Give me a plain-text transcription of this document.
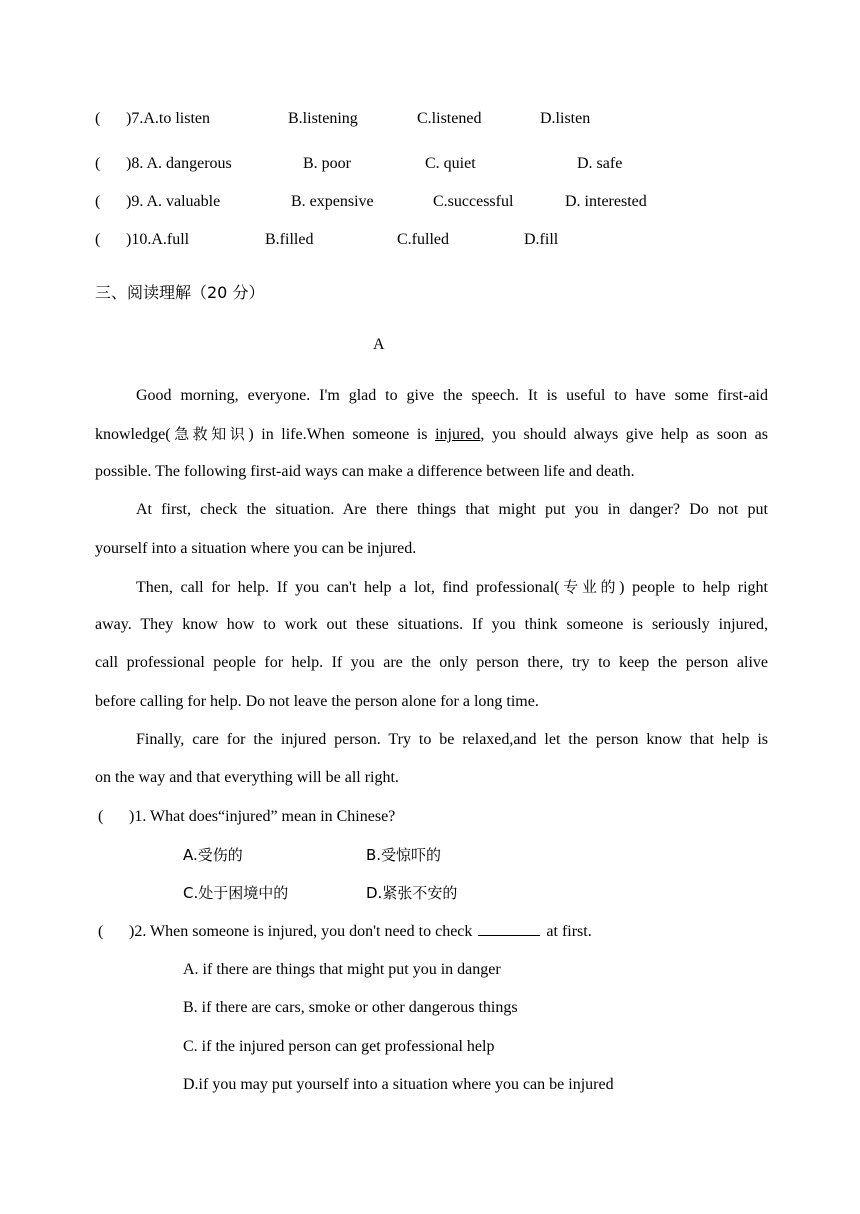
( )7.A.to listen	B.listening	C.listened	D.listen
( )8. A. dangerous	B. poor	C. quiet	D. safe
( )9. A. valuable	B. expensive	C.successful	D. interested
( )10.A.full	B.filled	C.fulled	D.fill
三、阅读理解（20 分）
A
Good morning, everyone. I'm glad to give the speech. It is useful to have some first-aid
knowledge(急救知识) in life.When someone is injured, you should always give help as soon as
possible. The following first-aid ways can make a difference between life and death.
At first, check the situation. Are there things that might put you in danger? Do not put
yourself into a situation where you can be injured.
Then, call for help. If you can't help a lot, find professional(专业的) people to help right
away. They know how to work out these situations. If you think someone is seriously injured,
call professional people for help. If you are the only person there, try to keep the person alive
before calling for help. Do not leave the person alone for a long time.
Finally, care for the injured person. Try to be relaxed,and let the person know that help is
on the way and that everything will be all right.
( )1. What does“injured” mean in Chinese?
A.受伤的	B.受惊吓的
C.处于困境中的	D.紧张不安的
( )2. When someone is injured, you don't need to check	at first.
A. if there are things that might put you in danger
B. if there are cars, smoke or other dangerous things
C. if the injured person can get professional help
D.if you may put yourself into a situation where you can be injured
